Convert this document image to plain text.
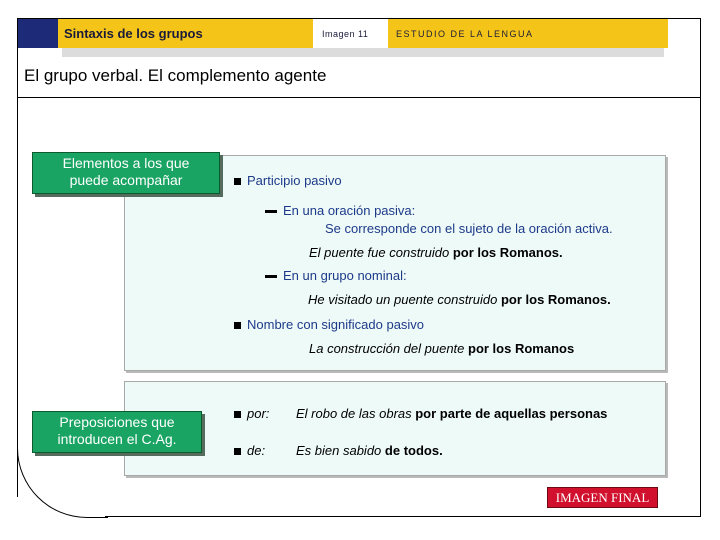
Sintaxis de los grupos	Imagen 11	ESTUDIO DE LA LENGUA
El grupo verbal. El complemento agente
Elementos a los que
puede acompañar	Participio pasivo
En una oración pasiva:
Se corresponde con el sujeto de la oración activa.
El puente fue construido por los Romanos.
En un grupo nominal:
He visitado un puente construido por los Romanos.
Nombre con significado pasivo
La construcción del puente por los Romanos
Preposiciones que
introducen el C.Ag.
por: El robo de las obras por parte de aquellas personas
de: Es bien sabido de todos.
IMAGEN FINAL
